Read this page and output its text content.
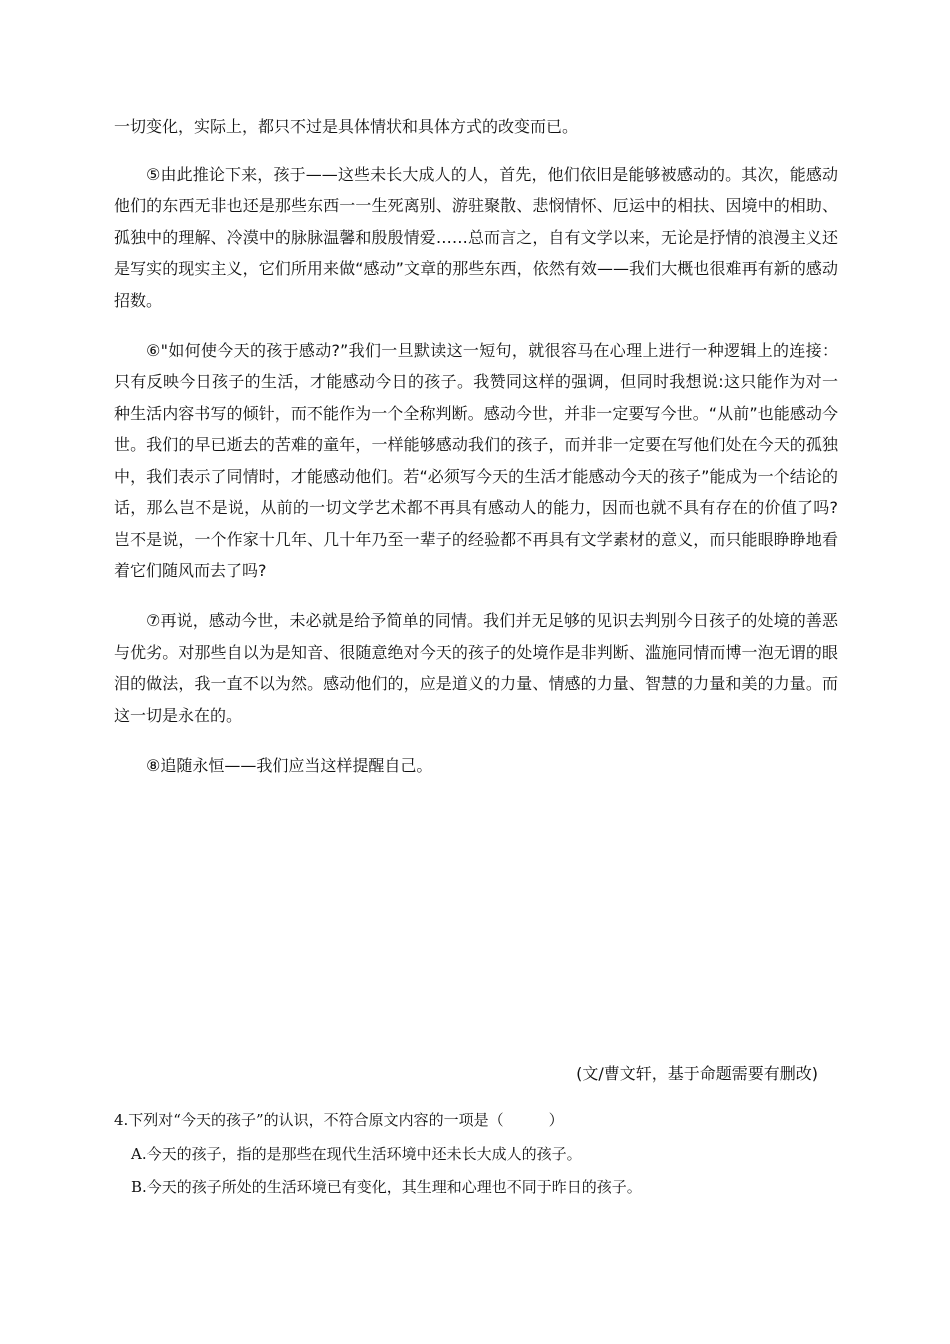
一切变化，实际上，都只不过是具体情状和具体方式的改变而已。

⑤由此推论下来，孩于——这些未长大成人的人，首先，他们依旧是能够被感动的。其次，能感动他们的东西无非也还是那些东西一一生死离别、游驻聚散、悲悯情怀、厄运中的相扶、因境中的相助、孤独中的理解、冷漠中的脉脉温馨和殷殷情爱……总而言之，自有文学以来，无论是抒情的浪漫主义还是写实的现实主义，它们所用来做“感动”文章的那些东西，依然有效——我们大概也很难再有新的感动招数。

⑥"如何使今天的孩于感动?”我们一旦默读这一短句，就很容马在心理上进行一种逻辑上的连接：只有反映今日孩子的生活，才能感动今日的孩子。我赞同这样的强调，但同时我想说:这只能作为对一种生活内容书写的倾针，而不能作为一个全称判断。感动今世，并非一定要写今世。“从前”也能感动今世。我们的早已逝去的苦难的童年，一样能够感动我们的孩子，而并非一定要在写他们处在今天的孤独中，我们表示了同情时，才能感动他们。若“必须写今天的生活才能感动今天的孩子”能成为一个结论的话，那么岂不是说，从前的一切文学艺术都不再具有感动人的能力，因而也就不具有存在的价值了吗?岂不是说，一个作家十几年、几十年乃至一辈子的经验都不再具有文学素材的意义，而只能眼睁睁地看着它们随风而去了吗?

⑦再说，感动今世，未必就是给予简单的同情。我们并无足够的见识去判别今日孩子的处境的善恶与优劣。对那些自以为是知音、很随意绝对今天的孩子的处境作是非判断、滥施同情而博一泡无谓的眼泪的做法，我一直不以为然。感动他们的，应是道义的力量、情感的力量、智慧的力量和美的力量。而这一切是永在的。

⑧追随永恒——我们应当这样提醒自己。

(文/曹文轩，基于命题需要有删改)

4.下列对“今天的孩子”的认识，不符合原文内容的一项是（　　　）

A.今天的孩子，指的是那些在现代生活环境中还未长大成人的孩子。

B.今天的孩子所处的生活环境已有变化，其生理和心理也不同于昨日的孩子。
